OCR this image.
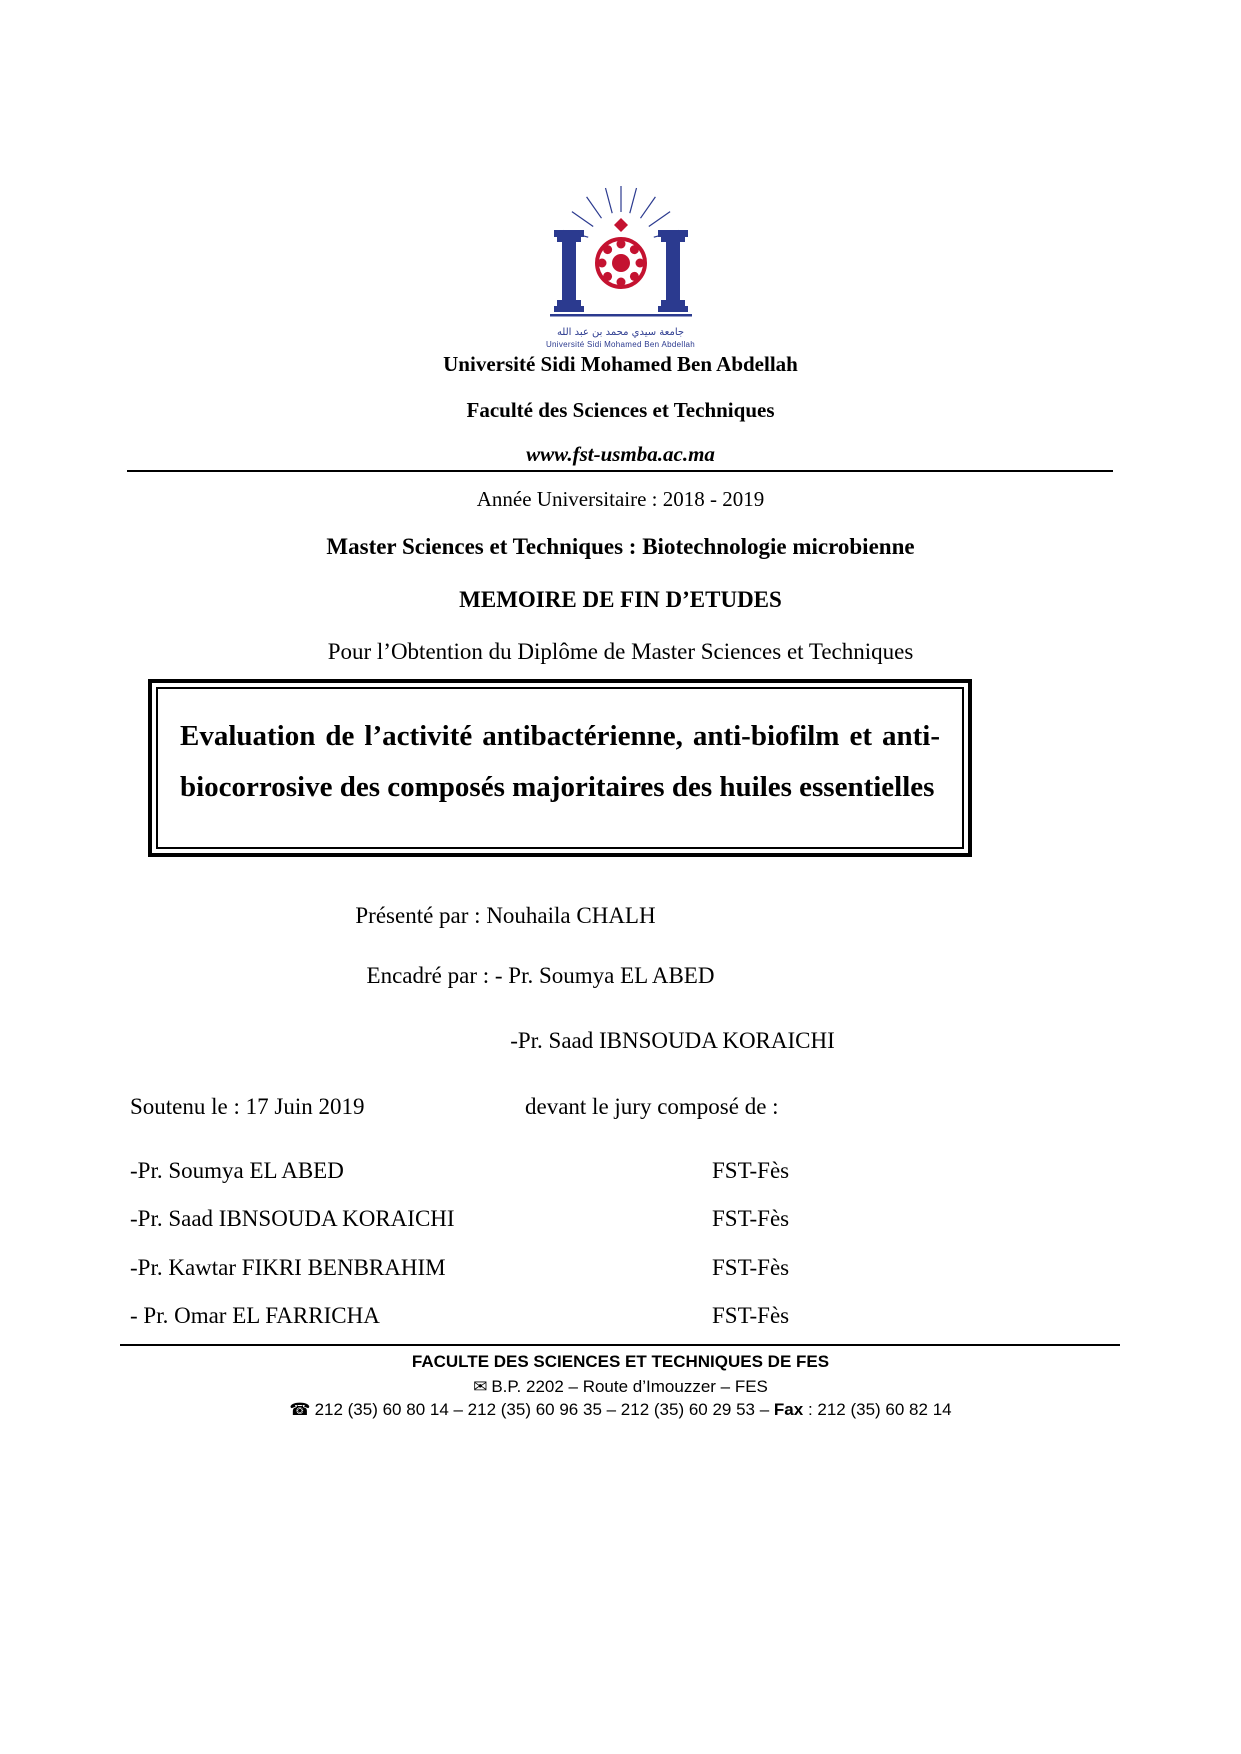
جامعة سيدي محمد بن عبد الله
Université Sidi Mohamed Ben Abdellah
Université Sidi Mohamed Ben Abdellah
Faculté des Sciences et Techniques
www.fst-usmba.ac.ma
Année Universitaire : 2018 - 2019
Master Sciences et Techniques : Biotechnologie microbienne
MEMOIRE DE FIN D’ETUDES
Pour l’Obtention du Diplôme de Master Sciences et Techniques
Evaluation de l’activité antibactérienne, anti-biofilm et anti-biocorrosive des composés majoritaires des huiles essentielles
Présenté par : Nouhaila CHALH
Encadré par : - Pr. Soumya EL ABED
-Pr. Saad IBNSOUDA KORAICHI
Soutenu le : 17 Juin 2019	devant le jury composé de :
-Pr. Soumya EL ABED	FST-Fès
-Pr. Saad IBNSOUDA KORAICHI	FST-Fès
-Pr. Kawtar FIKRI BENBRAHIM	FST-Fès
- Pr. Omar EL FARRICHA	FST-Fès
FACULTE DES SCIENCES ET TECHNIQUES DE FES
✉ B.P. 2202 – Route d’Imouzzer – FES
☎ 212 (35) 60 80 14 – 212 (35) 60 96 35 – 212 (35) 60 29 53 – Fax : 212 (35) 60 82 14
